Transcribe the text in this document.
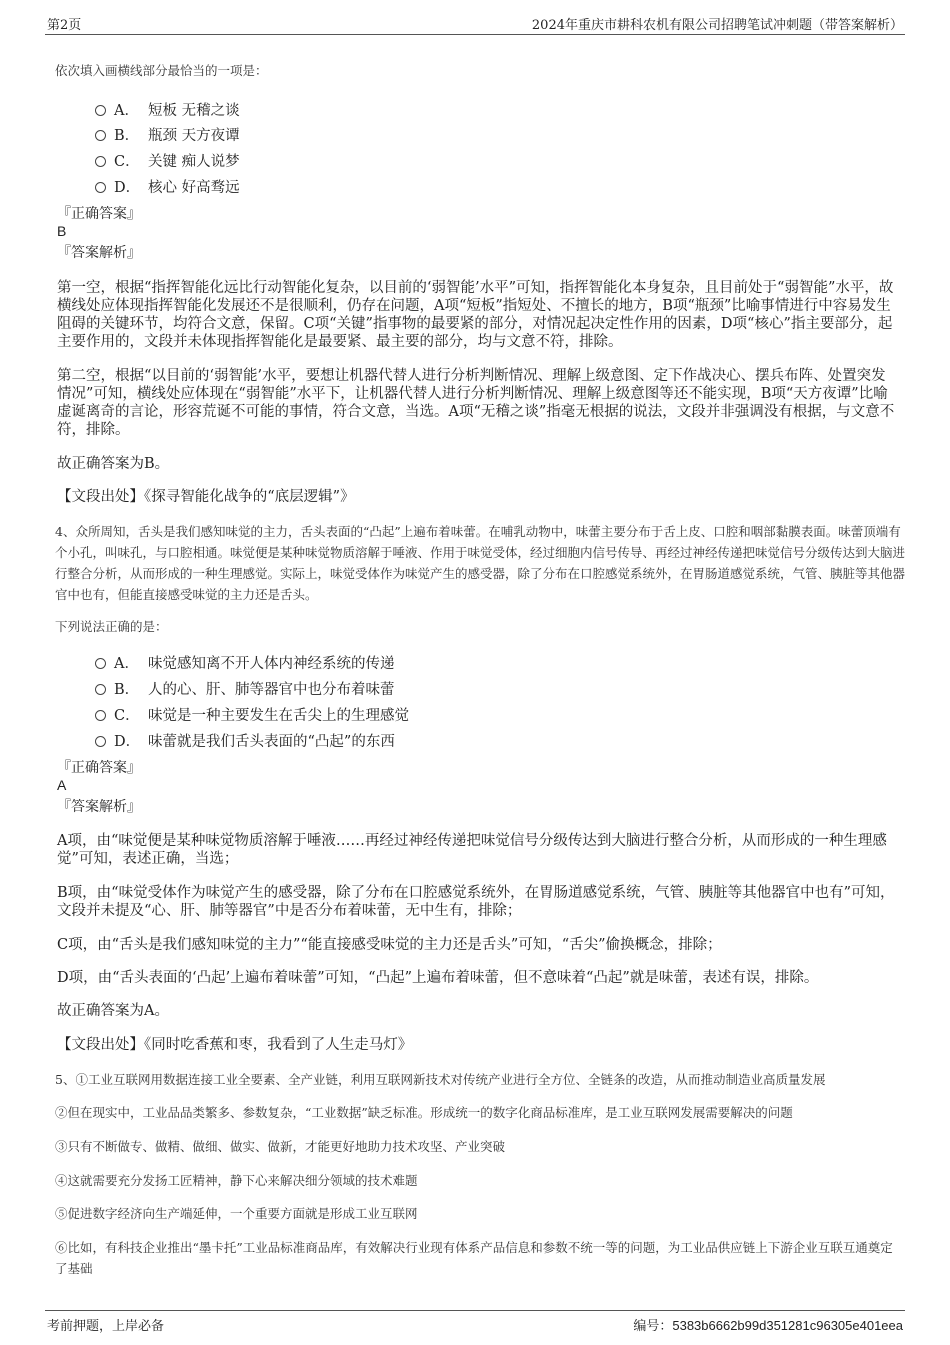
第2页	2024年重庆市耕科农机有限公司招聘笔试冲刺题（带答案解析）
依次填入画横线部分最恰当的一项是：
A． 短板 无稽之谈
B． 瓶颈 天方夜谭
C． 关键 痴人说梦
D． 核心 好高骛远
『正确答案』
B
『答案解析』
第一空，根据“指挥智能化远比行动智能化复杂，以目前的‘弱智能’水平”可知，指挥智能化本身复杂，且目前处于“弱智能”水平，故横线处应体现指挥智能化发展还不是很顺利，仍存在问题，A项“短板”指短处、不擅长的地方，B项“瓶颈”比喻事情进行中容易发生阻碍的关键环节，均符合文意，保留。C项“关键”指事物的最要紧的部分，对情况起决定性作用的因素，D项“核心”指主要部分，起主要作用的，文段并未体现指挥智能化是最要紧、最主要的部分，均与文意不符，排除。
第二空，根据“以目前的‘弱智能’水平，要想让机器代替人进行分析判断情况、理解上级意图、定下作战决心、摆兵布阵、处置突发情况”可知，横线处应体现在“弱智能”水平下，让机器代替人进行分析判断情况、理解上级意图等还不能实现，B项“天方夜谭”比喻虚诞离奇的言论，形容荒诞不可能的事情，符合文意，当选。A项“无稽之谈”指毫无根据的说法，文段并非强调没有根据，与文意不符，排除。
故正确答案为B。
【文段出处】《探寻智能化战争的“底层逻辑”》
4、众所周知，舌头是我们感知味觉的主力，舌头表面的“凸起”上遍布着味蕾。在哺乳动物中，味蕾主要分布于舌上皮、口腔和咽部黏膜表面。味蕾顶端有个小孔，叫味孔，与口腔相通。味觉便是某种味觉物质溶解于唾液、作用于味觉受体，经过细胞内信号传导、再经过神经传递把味觉信号分级传达到大脑进行整合分析，从而形成的一种生理感觉。实际上，味觉受体作为味觉产生的感受器，除了分布在口腔感觉系统外，在胃肠道感觉系统，气管、胰脏等其他器官中也有，但能直接感受味觉的主力还是舌头。
下列说法正确的是：
A． 味觉感知离不开人体内神经系统的传递
B． 人的心、肝、肺等器官中也分布着味蕾
C． 味觉是一种主要发生在舌尖上的生理感觉
D． 味蕾就是我们舌头表面的“凸起”的东西
『正确答案』
A
『答案解析』
A项，由“味觉便是某种味觉物质溶解于唾液……再经过神经传递把味觉信号分级传达到大脑进行整合分析，从而形成的一种生理感觉”可知，表述正确，当选；
B项，由“味觉受体作为味觉产生的感受器，除了分布在口腔感觉系统外，在胃肠道感觉系统，气管、胰脏等其他器官中也有”可知，文段并未提及“心、肝、肺等器官”中是否分布着味蕾，无中生有，排除；
C项，由“舌头是我们感知味觉的主力”“能直接感受味觉的主力还是舌头”可知，“舌尖”偷换概念，排除；
D项，由“舌头表面的‘凸起’上遍布着味蕾”可知，“凸起”上遍布着味蕾，但不意味着“凸起”就是味蕾，表述有误，排除。
故正确答案为A。
【文段出处】《同时吃香蕉和枣，我看到了人生走马灯》
5、①工业互联网用数据连接工业全要素、全产业链，利用互联网新技术对传统产业进行全方位、全链条的改造，从而推动制造业高质量发展
②但在现实中，工业品品类繁多、参数复杂，“工业数据”缺乏标准。形成统一的数字化商品标准库，是工业互联网发展需要解决的问题
③只有不断做专、做精、做细、做实、做新，才能更好地助力技术攻坚、产业突破
④这就需要充分发扬工匠精神，静下心来解决细分领域的技术难题
⑤促进数字经济向生产端延伸，一个重要方面就是形成工业互联网
⑥比如，有科技企业推出“墨卡托”工业品标准商品库，有效解决行业现有体系产品信息和参数不统一等的问题，为工业品供应链上下游企业互联互通奠定了基础
考前押题，上岸必备	编号：5383b6662b99d351281c96305e401eea
